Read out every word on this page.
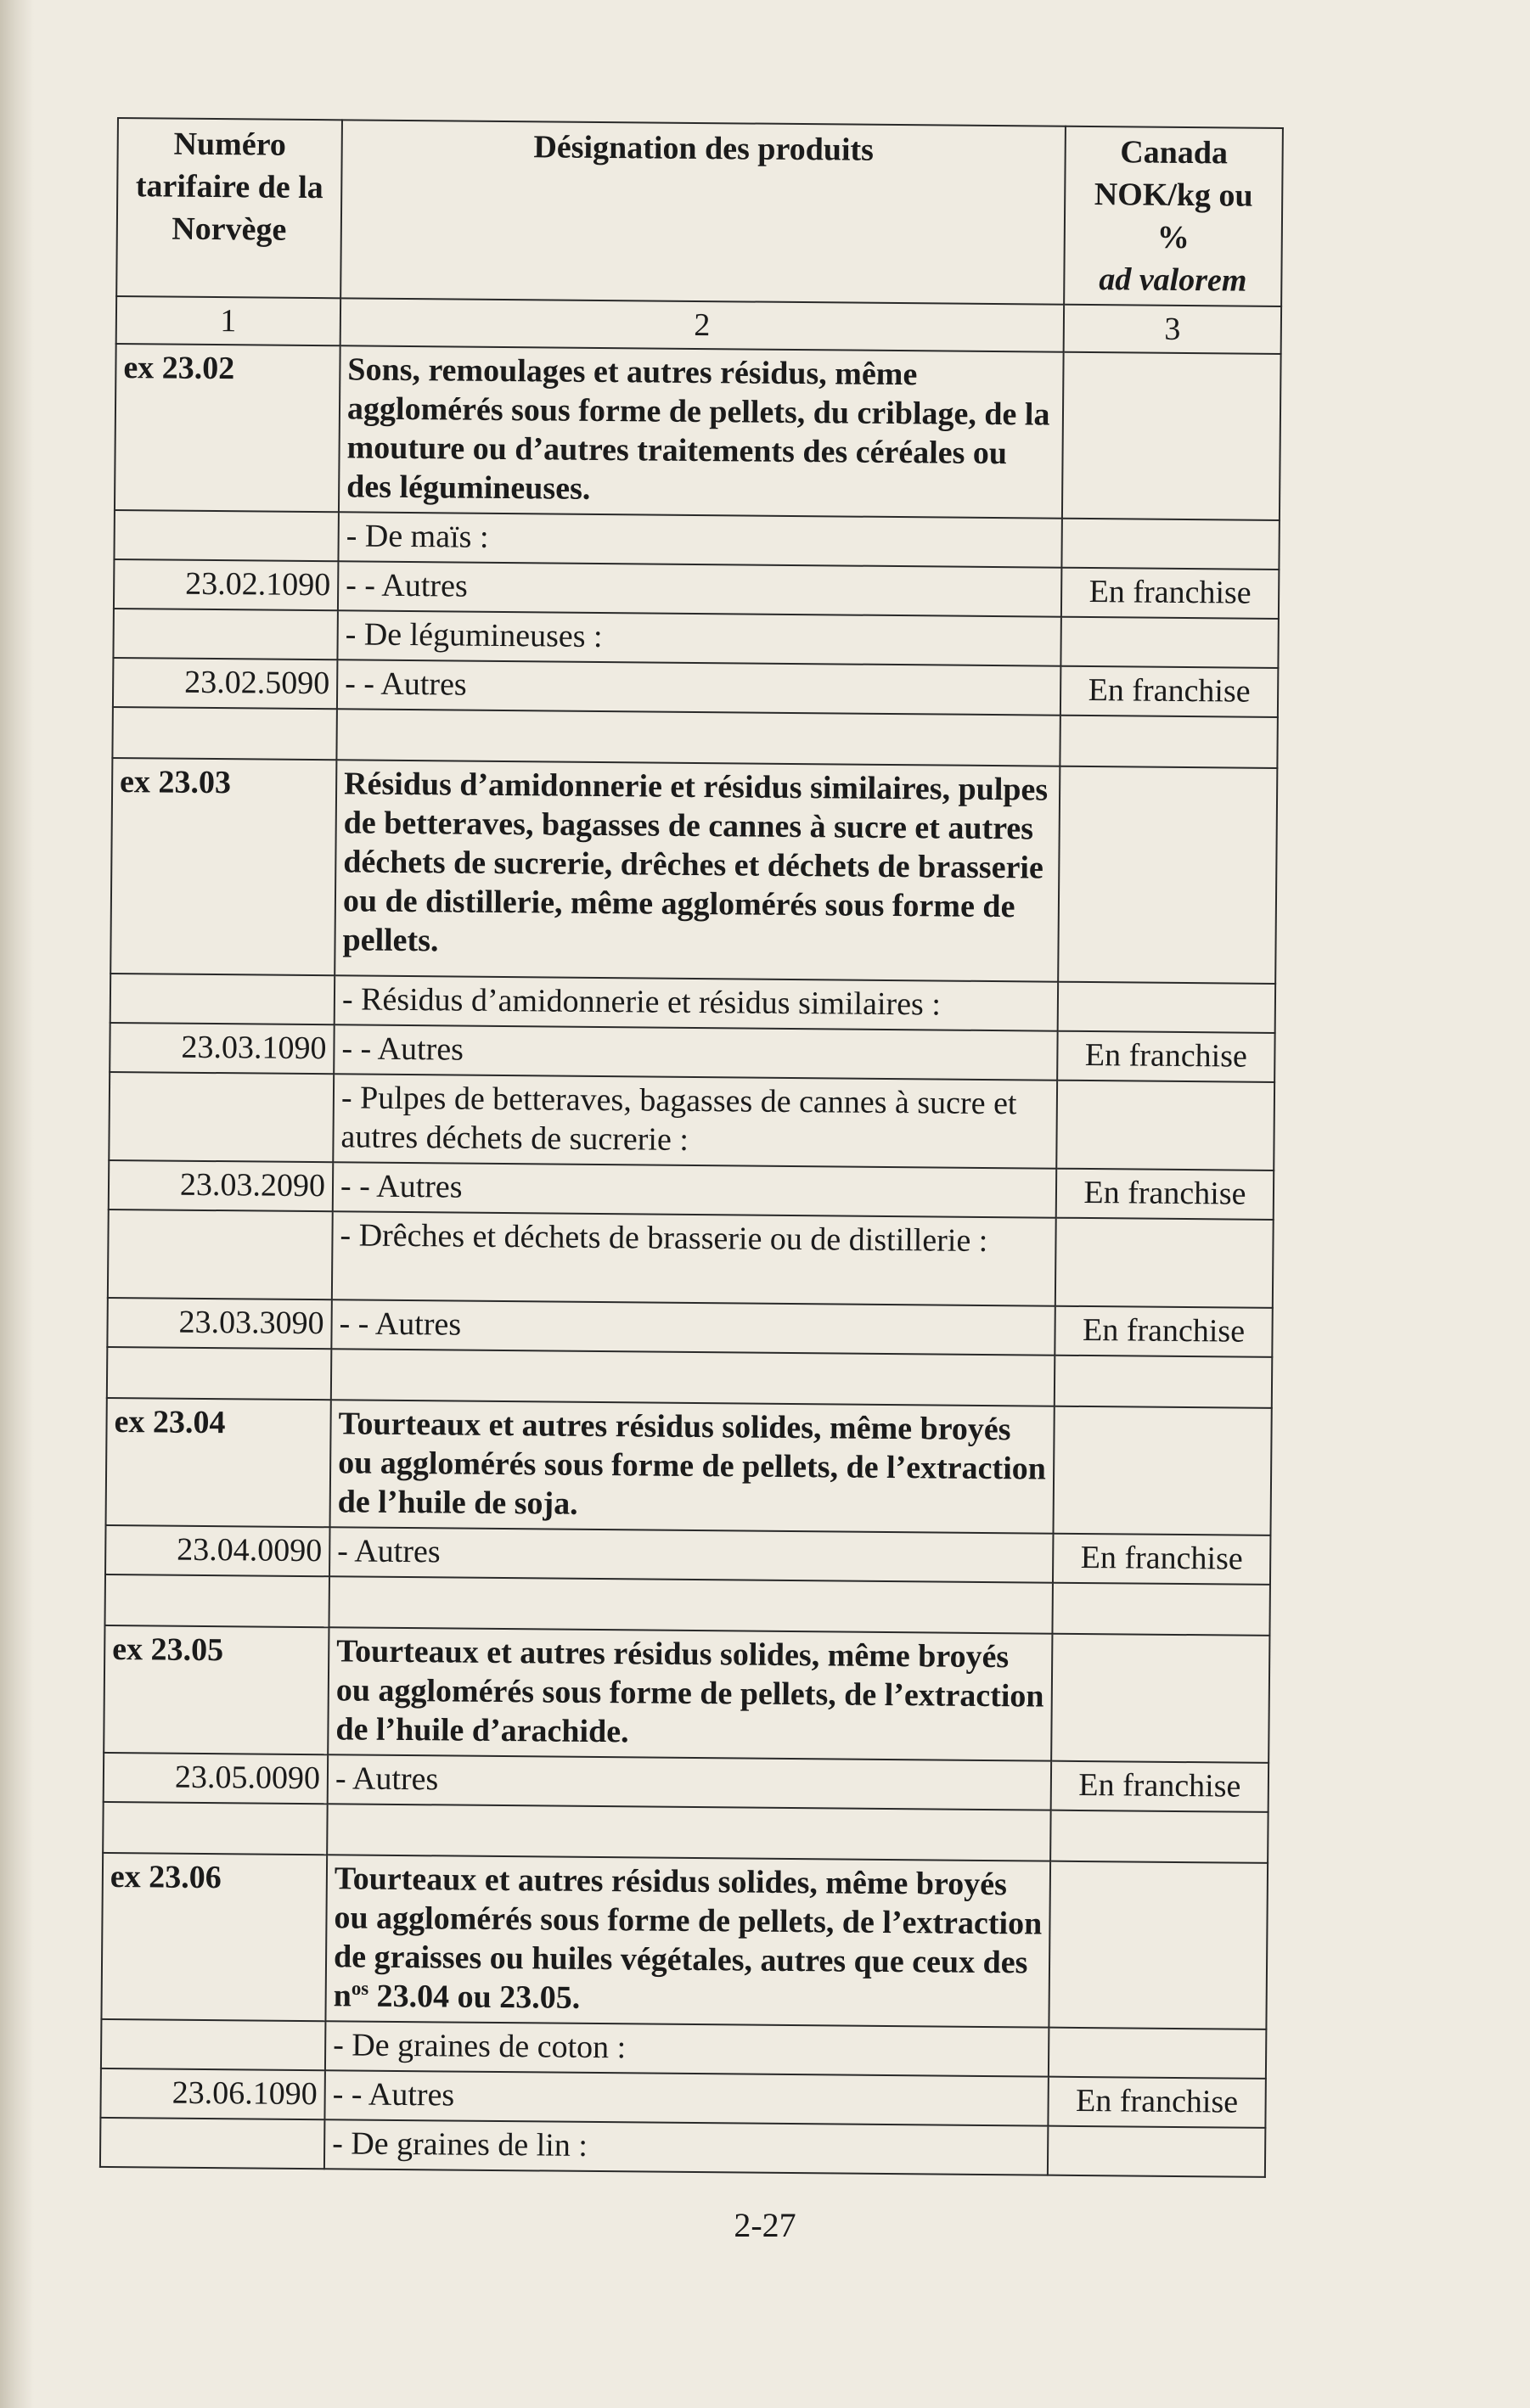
Numéro tarifaire de la Norvège	Désignation des produits	Canada
NOK/kg ou
%
ad valorem

1	2	3
ex 23.02	Sons, remoulages et autres résidus, même agglomérés sous forme de pellets, du criblage, de la mouture ou d’autres traitements des céréales ou des légumineuses.	
	- De maïs :	
23.02.1090	- - Autres	En franchise
	- De légumineuses :	
23.02.5090	- - Autres	En franchise

ex 23.03	Résidus d’amidonnerie et résidus similaires, pulpes de betteraves, bagasses de cannes à sucre et autres déchets de sucrerie, drêches et déchets de brasserie ou de distillerie, même agglomérés sous forme de pellets.	
	- Résidus d’amidonnerie et résidus similaires :	
23.03.1090	- - Autres	En franchise
	- Pulpes de betteraves, bagasses de cannes à sucre et autres déchets de sucrerie :	
23.03.2090	- - Autres	En franchise
	- Drêches et déchets de brasserie ou de distillerie :	
23.03.3090	- - Autres	En franchise

ex 23.04	Tourteaux et autres résidus solides, même broyés ou agglomérés sous forme de pellets, de l’extraction de l’huile de soja.	
23.04.0090	- Autres	En franchise

ex 23.05	Tourteaux et autres résidus solides, même broyés ou agglomérés sous forme de pellets, de l’extraction de l’huile d’arachide.	
23.05.0090	- Autres	En franchise

ex 23.06	Tourteaux et autres résidus solides, même broyés ou agglomérés sous forme de pellets, de l’extraction de graisses ou huiles végétales, autres que ceux des $n^{os}$ 23.04 ou 23.05.	
	- De graines de coton :	
23.06.1090	- - Autres	En franchise
	- De graines de lin :	
2-27
